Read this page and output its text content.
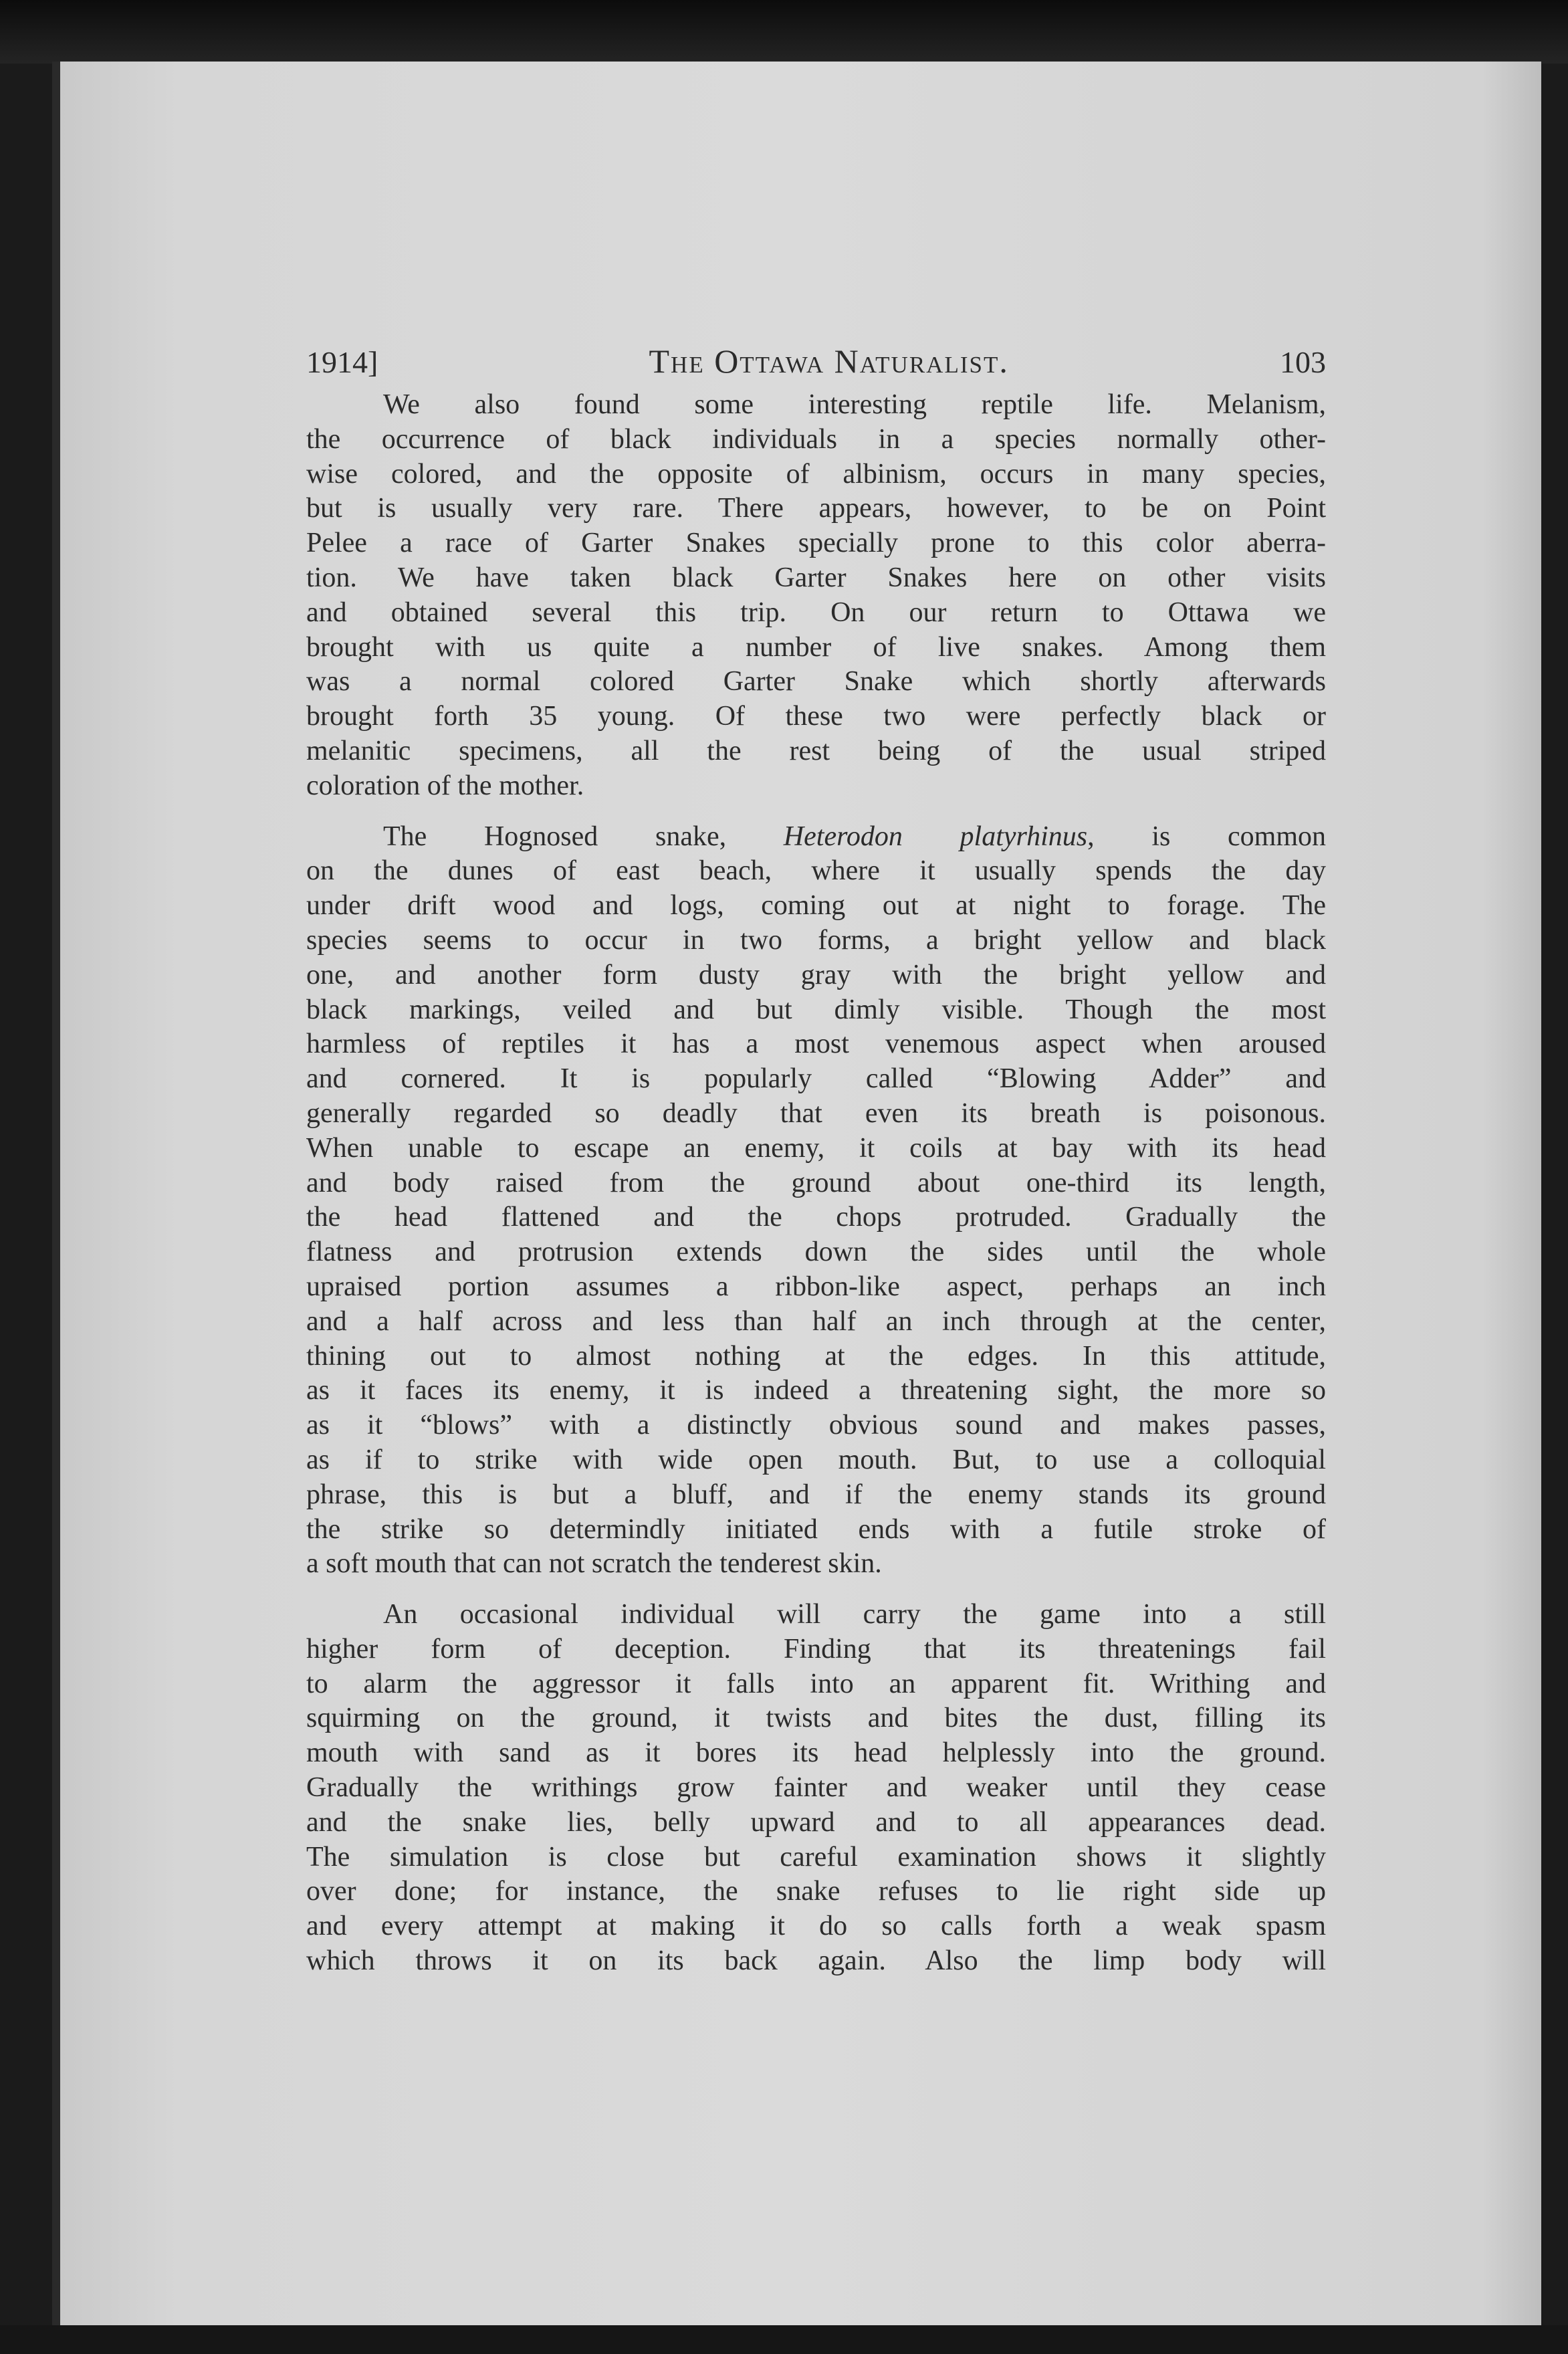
1914]	The Ottawa Naturalist.	103

We also found some interesting reptile life. Melanism,

the occurrence of black individuals in a species normally other-

wise colored, and the opposite of albinism, occurs in many species,

but is usually very rare. There appears, however, to be on Point

Pelee a race of Garter Snakes specially prone to this color aberra-

tion. We have taken black Garter Snakes here on other visits

and obtained several this trip. On our return to Ottawa we

brought with us quite a number of live snakes. Among them

was a normal colored Garter Snake which shortly afterwards

brought forth 35 young. Of these two were perfectly black or

melanitic specimens, all the rest being of the usual striped

coloration of the mother.

The Hognosed snake, Heterodon platyrhinus, is common

on the dunes of east beach, where it usually spends the day

under drift wood and logs, coming out at night to forage. The

species seems to occur in two forms, a bright yellow and black

one, and another form dusty gray with the bright yellow and

black markings, veiled and but dimly visible. Though the most

harmless of reptiles it has a most venemous aspect when aroused

and cornered. It is popularly called “Blowing Adder” and

generally regarded so deadly that even its breath is poisonous.

When unable to escape an enemy, it coils at bay with its head

and body raised from the ground about one-third its length,

the head flattened and the chops protruded. Gradually the

flatness and protrusion extends down the sides until the whole

upraised portion assumes a ribbon-like aspect, perhaps an inch

and a half across and less than half an inch through at the center,

thining out to almost nothing at the edges. In this attitude,

as it faces its enemy, it is indeed a threatening sight, the more so

as it “blows” with a distinctly obvious sound and makes passes,

as if to strike with wide open mouth. But, to use a colloquial

phrase, this is but a bluff, and if the enemy stands its ground

the strike so determindly initiated ends with a futile stroke of

a soft mouth that can not scratch the tenderest skin.

An occasional individual will carry the game into a still

higher form of deception. Finding that its threatenings fail

to alarm the aggressor it falls into an apparent fit. Writhing and

squirming on the ground, it twists and bites the dust, filling its

mouth with sand as it bores its head helplessly into the ground.

Gradually the writhings grow fainter and weaker until they cease

and the snake lies, belly upward and to all appearances dead.

The simulation is close but careful examination shows it slightly

over done; for instance, the snake refuses to lie right side up

and every attempt at making it do so calls forth a weak spasm

which throws it on its back again. Also the limp body will
